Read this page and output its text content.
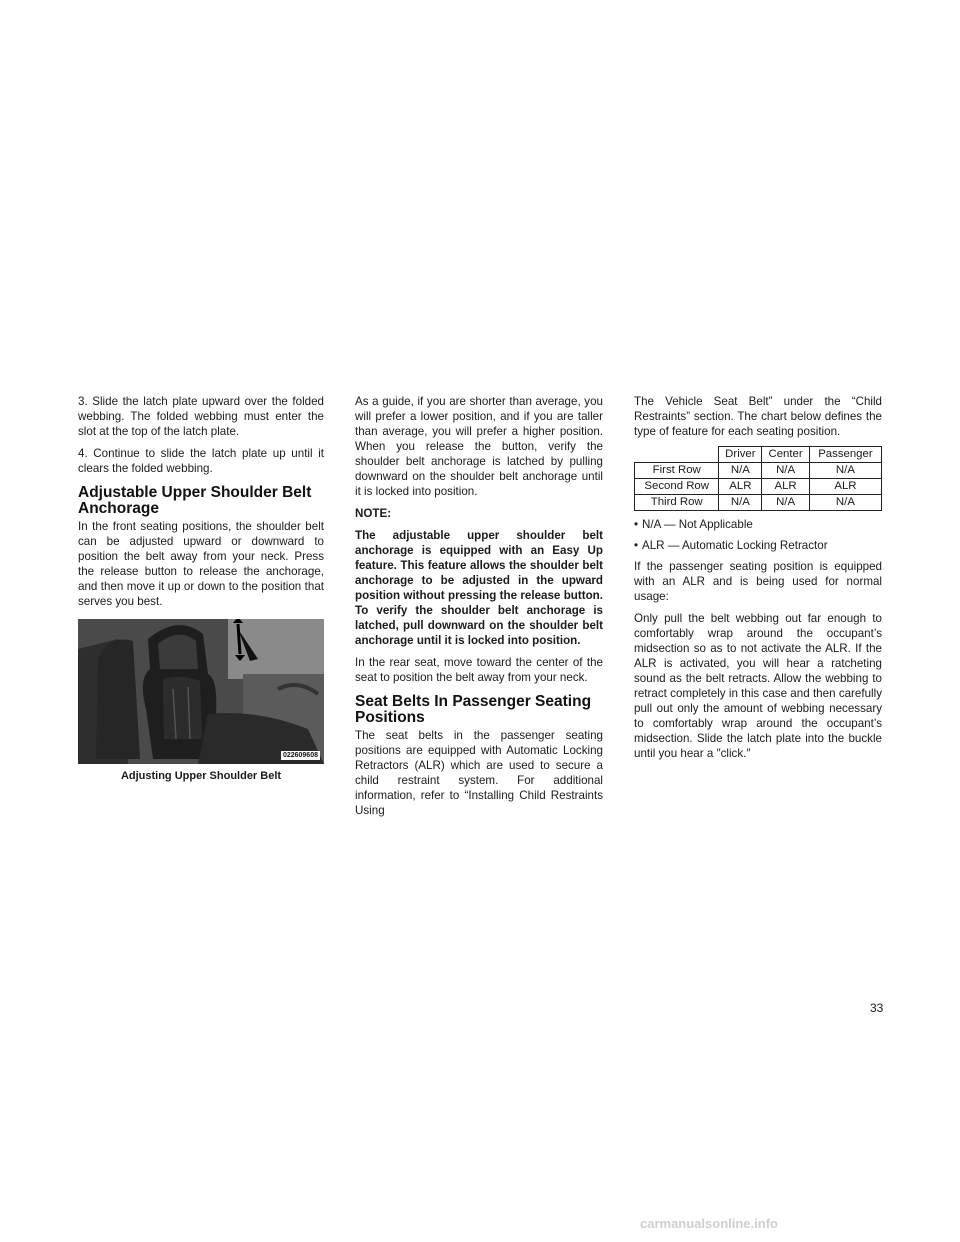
3. Slide the latch plate upward over the folded webbing. The folded webbing must enter the slot at the top of the latch plate.

4. Continue to slide the latch plate up until it clears the folded webbing.

Adjustable Upper Shoulder Belt Anchorage

In the front seating positions, the shoulder belt can be adjusted upward or downward to position the belt away from your neck. Press the release button to release the anchorage, and then move it up or down to the position that serves you best.

022609608
Adjusting Upper Shoulder Belt

As a guide, if you are shorter than average, you will prefer a lower position, and if you are taller than average, you will prefer a higher position. When you release the button, verify the shoulder belt anchorage is latched by pulling downward on the shoulder belt anchorage until it is locked into position.

NOTE:

The adjustable upper shoulder belt anchorage is equipped with an Easy Up feature. This feature allows the shoulder belt anchorage to be adjusted in the upward position without pressing the release button. To verify the shoulder belt anchorage is latched, pull downward on the shoulder belt anchorage until it is locked into position.

In the rear seat, move toward the center of the seat to position the belt away from your neck.

Seat Belts In Passenger Seating Positions

The seat belts in the passenger seating positions are equipped with Automatic Locking Retractors (ALR) which are used to secure a child restraint system. For additional information, refer to “Installing Child Restraints Using

The Vehicle Seat Belt” under the “Child Restraints” section. The chart below defines the type of feature for each seating position.

	Driver	Center	Passenger
First Row	N/A	N/A	N/A
Second Row	ALR	ALR	ALR
Third Row	N/A	N/A	N/A
• N/A — Not Applicable
• ALR — Automatic Locking Retractor

If the passenger seating position is equipped with an ALR and is being used for normal usage:

Only pull the belt webbing out far enough to comfortably wrap around the occupant’s midsection so as to not activate the ALR. If the ALR is activated, you will hear a ratcheting sound as the belt retracts. Allow the webbing to retract completely in this case and then carefully pull out only the amount of webbing necessary to comfortably wrap around the occupant’s midsection. Slide the latch plate into the buckle until you hear a ″click.″

33
carmanualsonline.info
